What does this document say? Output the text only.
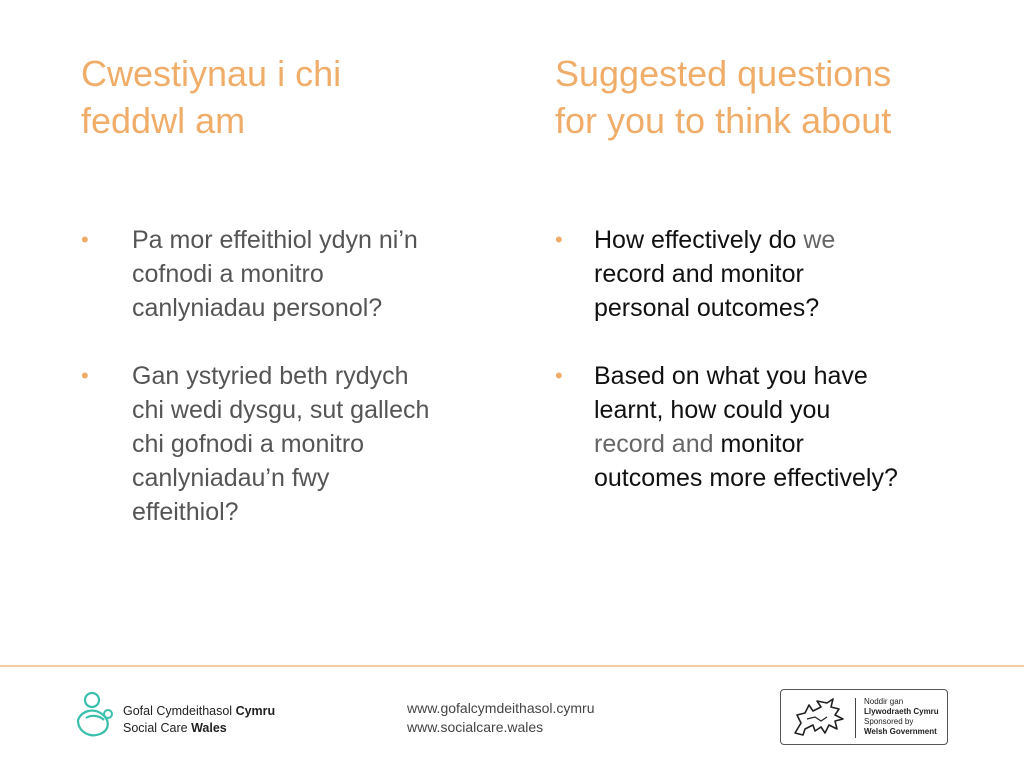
Cwestiynau i chi
feddwl am
• Pa mor effeithiol ydyn ni’n
cofnodi a monitro
canlyniadau personol?
• Gan ystyried beth rydych
chi wedi dysgu, sut gallech
chi gofnodi a monitro
canlyniadau’n fwy
effeithiol?
Suggested questions
for you to think about
• How effectively do we
record and monitor
personal outcomes?
• Based on what you have
learnt, how could you
record and monitor
outcomes more effectively?
Gofal Cymdeithasol Cymru
Social Care Wales
www.gofalcymdeithasol.cymru
www.socialcare.wales
Noddir gan
Llywodraeth Cymru
Sponsored by
Welsh Government
